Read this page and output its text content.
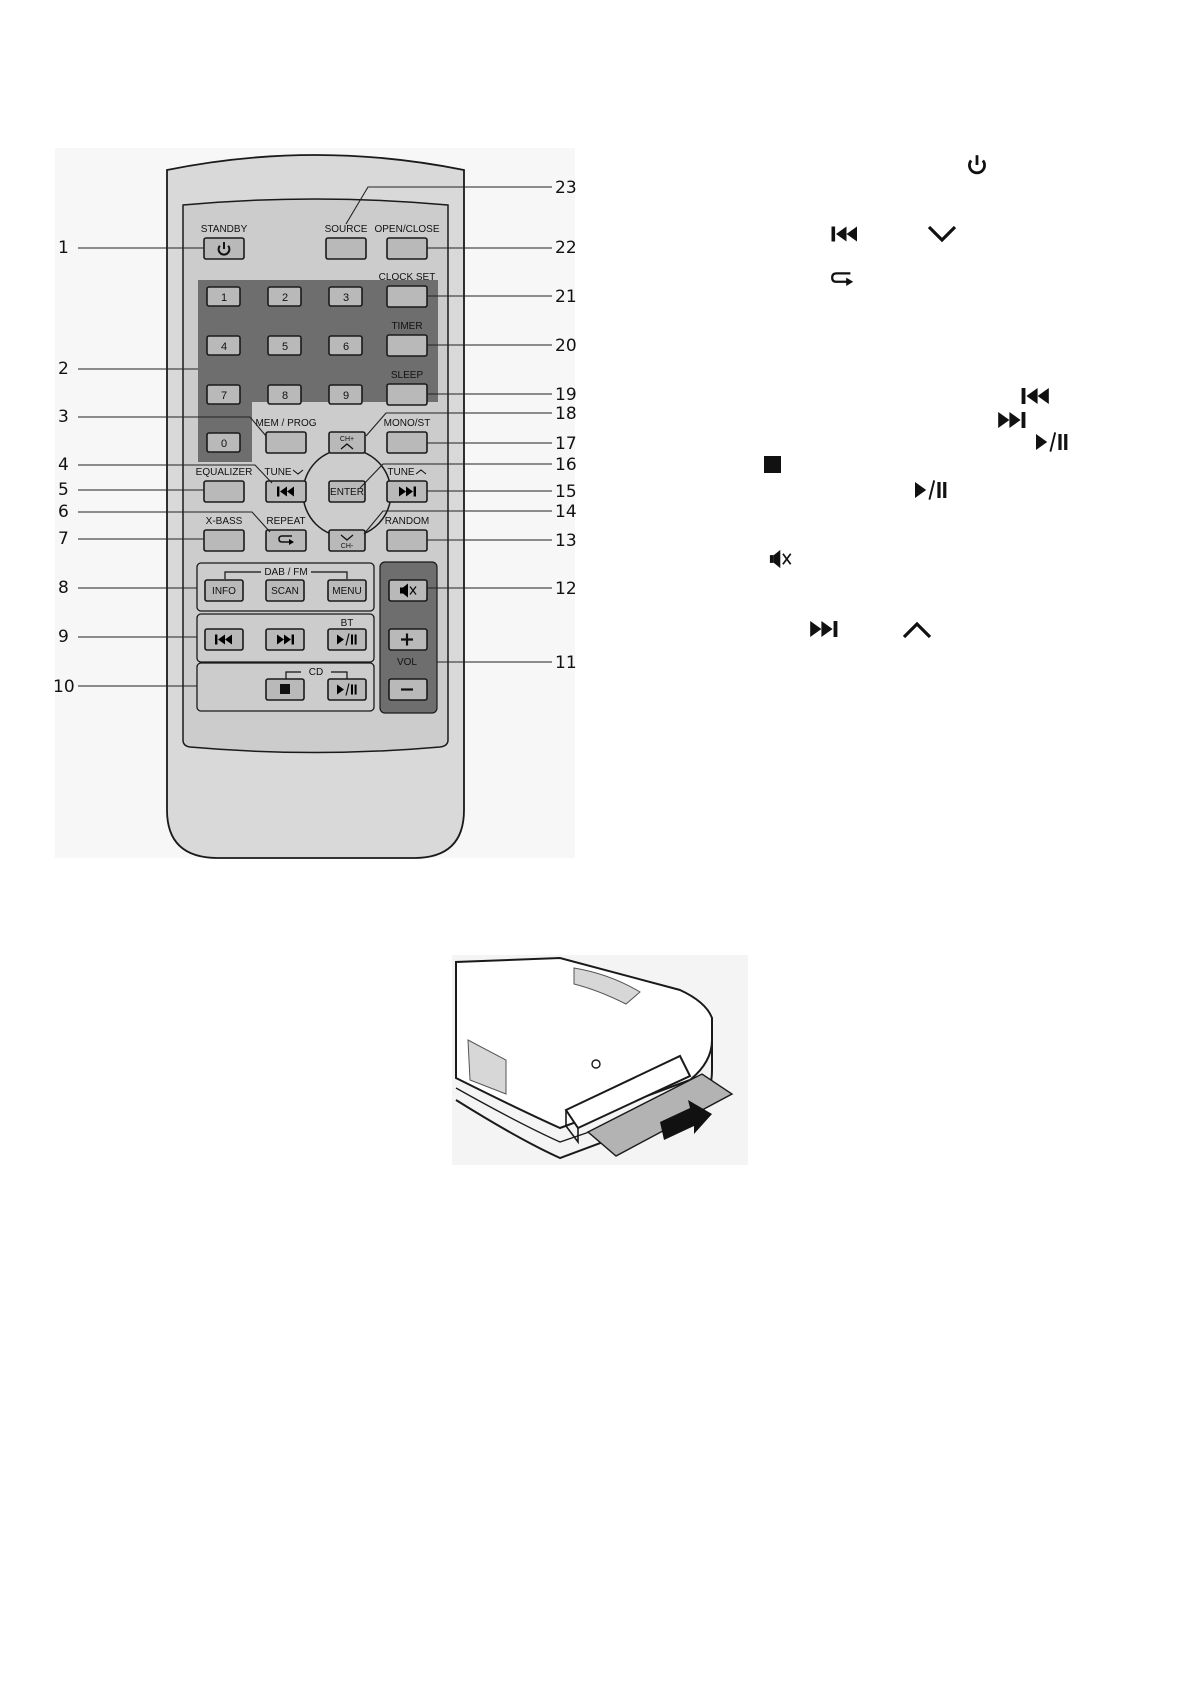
STANDBY	SOURCE OPEN/CLOSE
1	2	3
4	5	6
7	8	9
0
CLOCK SET
TIMER
SLEEP
MONO/ST
MEM / PROG
CH+
EQUALIZER TUNE
ENTER
TUNE
X-BASS REPEAT
CH-
RANDOM
DAB / FM
INFO	SCAN	MENU
BT
CD
VOL
1
2
3
4
5
6
7
8
9
10
23
22
21
20
19
18
17
16
15
14
13
12
11
